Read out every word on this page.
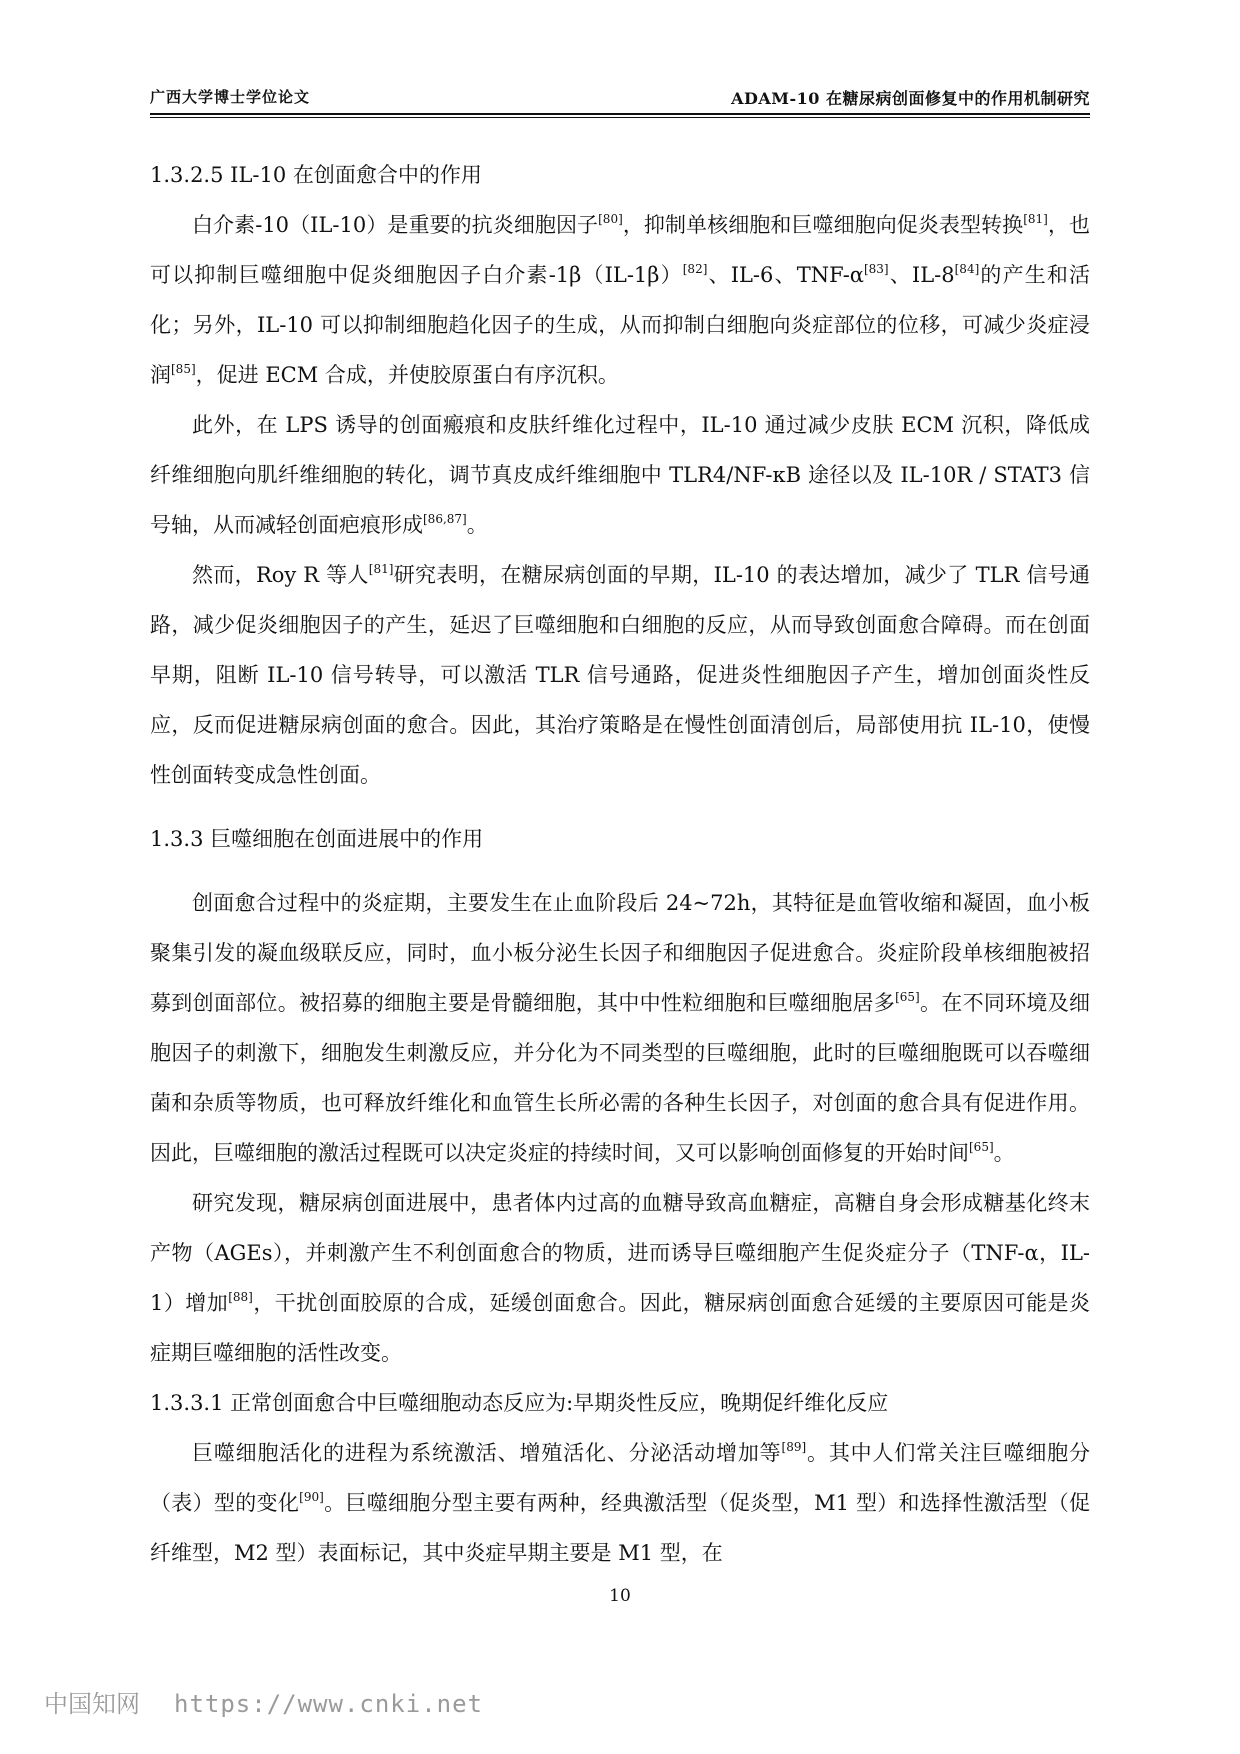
广西大学博士学位论文	ADAM-10 在糖尿病创面修复中的作用机制研究
1.3.2.5 IL-10 在创面愈合中的作用

白介素-10（IL-10）是重要的抗炎细胞因子[80]，抑制单核细胞和巨噬细胞向促炎表型转换[81]，也可以抑制巨噬细胞中促炎细胞因子白介素-1β（IL-1β）[82]、IL-6、TNF-α[83]、IL-8[84]的产生和活化；另外，IL-10 可以抑制细胞趋化因子的生成，从而抑制白细胞向炎症部位的位移，可减少炎症浸润[85]，促进 ECM 合成，并使胶原蛋白有序沉积。

此外，在 LPS 诱导的创面瘢痕和皮肤纤维化过程中，IL-10 通过减少皮肤 ECM 沉积，降低成纤维细胞向肌纤维细胞的转化，调节真皮成纤维细胞中 TLR4/NF-κB 途径以及 IL-10R / STAT3 信号轴，从而减轻创面疤痕形成[86,87]。

然而，Roy R 等人[81]研究表明，在糖尿病创面的早期，IL-10 的表达增加，减少了 TLR 信号通路，减少促炎细胞因子的产生，延迟了巨噬细胞和白细胞的反应，从而导致创面愈合障碍。而在创面早期，阻断 IL-10 信号转导，可以激活 TLR 信号通路，促进炎性细胞因子产生，增加创面炎性反应，反而促进糖尿病创面的愈合。因此，其治疗策略是在慢性创面清创后，局部使用抗 IL-10，使慢性创面转变成急性创面。

1.3.3 巨噬细胞在创面进展中的作用

创面愈合过程中的炎症期，主要发生在止血阶段后 24~72h，其特征是血管收缩和凝固，血小板聚集引发的凝血级联反应，同时，血小板分泌生长因子和细胞因子促进愈合。炎症阶段单核细胞被招募到创面部位。被招募的细胞主要是骨髓细胞，其中中性粒细胞和巨噬细胞居多[65]。在不同环境及细胞因子的刺激下，细胞发生刺激反应，并分化为不同类型的巨噬细胞，此时的巨噬细胞既可以吞噬细菌和杂质等物质，也可释放纤维化和血管生长所必需的各种生长因子，对创面的愈合具有促进作用。因此，巨噬细胞的激活过程既可以决定炎症的持续时间，又可以影响创面修复的开始时间[65]。

研究发现，糖尿病创面进展中，患者体内过高的血糖导致高血糖症，高糖自身会形成糖基化终末产物（AGEs），并刺激产生不利创面愈合的物质，进而诱导巨噬细胞产生促炎症分子（TNF-α，IL-1）增加[88]，干扰创面胶原的合成，延缓创面愈合。因此，糖尿病创面愈合延缓的主要原因可能是炎症期巨噬细胞的活性改变。

1.3.3.1 正常创面愈合中巨噬细胞动态反应为:早期炎性反应，晚期促纤维化反应

巨噬细胞活化的进程为系统激活、增殖活化、分泌活动增加等[89]。其中人们常关注巨噬细胞分（表）型的变化[90]。巨噬细胞分型主要有两种，经典激活型（促炎型，M1 型）和选择性激活型（促纤维型，M2 型）表面标记，其中炎症早期主要是 M1 型，在

10
中国知网 https://www.cnki.net
